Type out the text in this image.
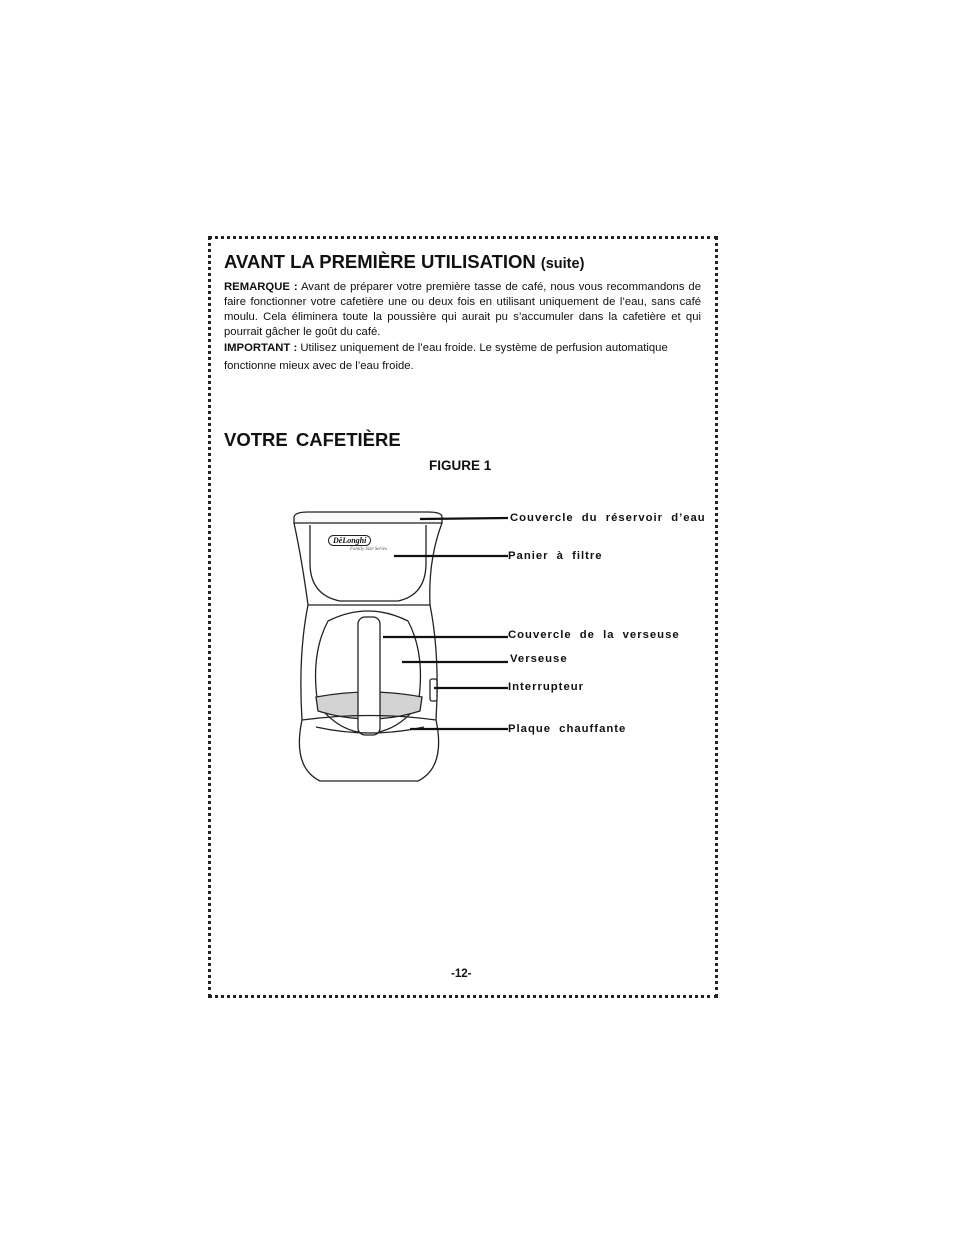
AVANT LA PREMIÈRE UTILISATION (suite)

REMARQUE : Avant de préparer votre première tasse de café, nous vous recommandons de faire fonctionner votre cafetière une ou deux fois en utilisant uniquement de l’eau, sans café moulu. Cela éliminera toute la poussière qui aurait pu s’accumuler dans la cafetière et qui pourrait gâcher le goût du café.

IMPORTANT : Utilisez uniquement de l’eau froide. Le système de perfusion automatique
fonctionne mieux avec de l’eau froide.

VOTRE CAFETIÈRE
FIGURE 1
DēLonghi
Family Size Series
Couvercle du réservoir d’eau
Panier à filtre
Couvercle de la verseuse
Verseuse
Interrupteur
Plaque chauffante
-12-
